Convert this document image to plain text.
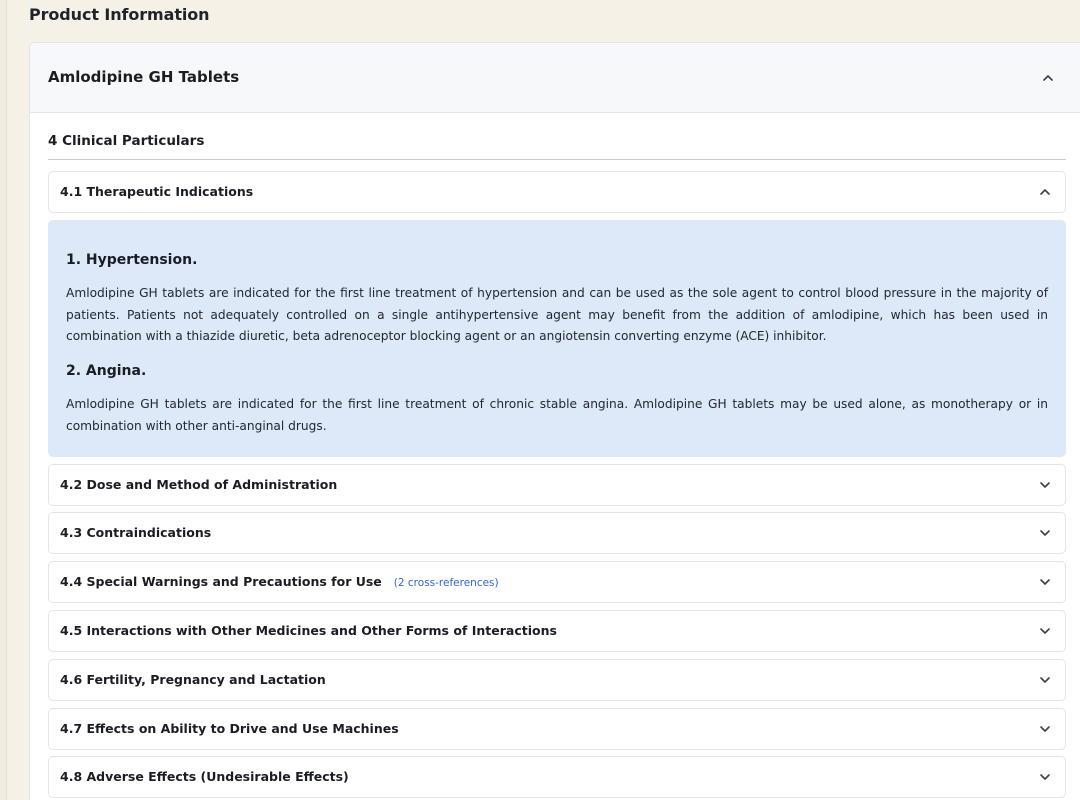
Product Information
Amlodipine GH Tablets
4 Clinical Particulars
4.1 Therapeutic Indications
1. Hypertension.

Amlodipine GH tablets are indicated for the first line treatment of hypertension and can be used as the sole agent to control blood pressure in the majority of patients. Patients not adequately controlled on a single antihypertensive agent may benefit from the addition of amlodipine, which has been used in combination with a thiazide diuretic, beta adrenoceptor blocking agent or an angiotensin converting enzyme (ACE) inhibitor.

2. Angina.

Amlodipine GH tablets are indicated for the first line treatment of chronic stable angina. Amlodipine GH tablets may be used alone, as monotherapy or in combination with other anti-anginal drugs.

4.2 Dose and Method of Administration
4.3 Contraindications
4.4 Special Warnings and Precautions for Use (2 cross-references)
4.5 Interactions with Other Medicines and Other Forms of Interactions
4.6 Fertility, Pregnancy and Lactation
4.7 Effects on Ability to Drive and Use Machines
4.8 Adverse Effects (Undesirable Effects)
